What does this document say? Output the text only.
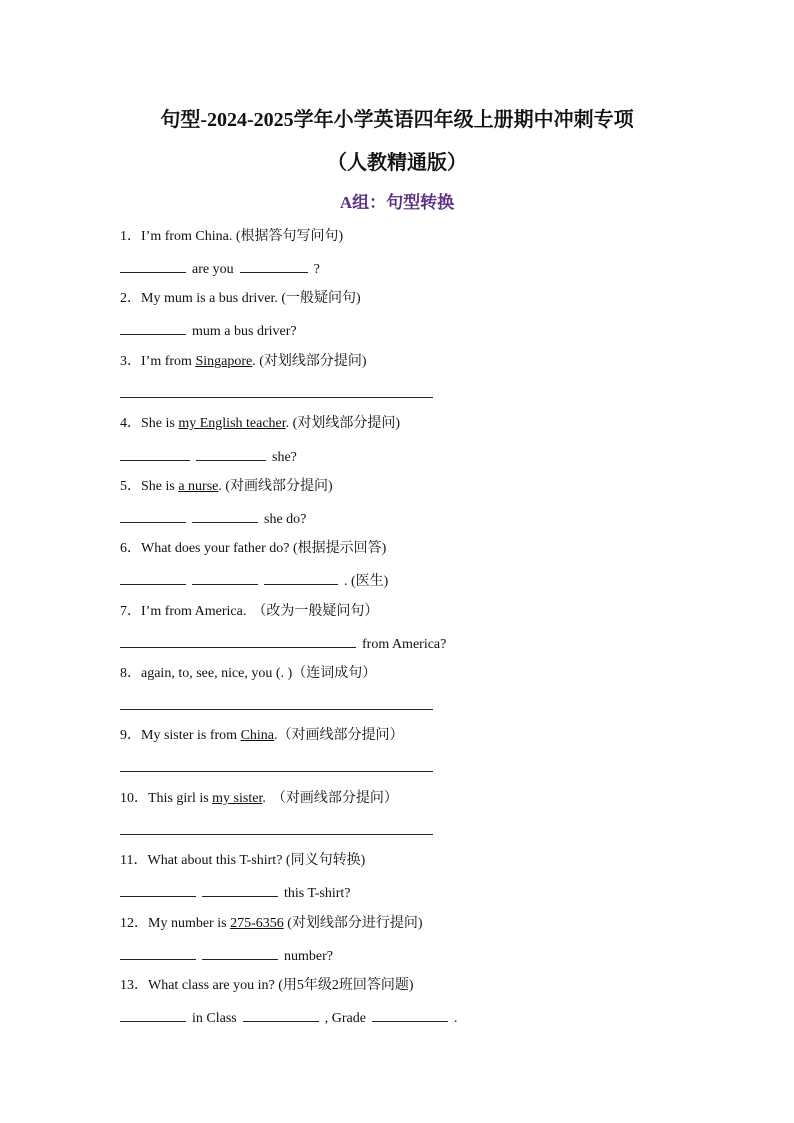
句型-2024-2025学年小学英语四年级上册期中冲刺专项
（人教精通版）
A组：句型转换
1．I’m from China. (根据答句写问句)
are you	?
2．My mum is a bus driver. (一般疑问句)
mum a bus driver?
3．I’m from Singapore. (对划线部分提问)
4．She is my English teacher. (对划线部分提问)
she?
5．She is a nurse. (对画线部分提问)
she do?
6．What does your father do? (根据提示回答)
. (医生)
7．I’m from America. （改为一般疑问句）
from America?
8．again, to, see, nice, you (. )（连词成句）
9．My sister is from China.（对画线部分提问）
10．This girl is my sister. （对画线部分提问）
11．What about this T-shirt? (同义句转换)
this T-shirt?
12．My number is 275-6356 (对划线部分进行提问)
number?
13．What class are you in? (用5年级2班回答问题)
in Class	, Grade	.
